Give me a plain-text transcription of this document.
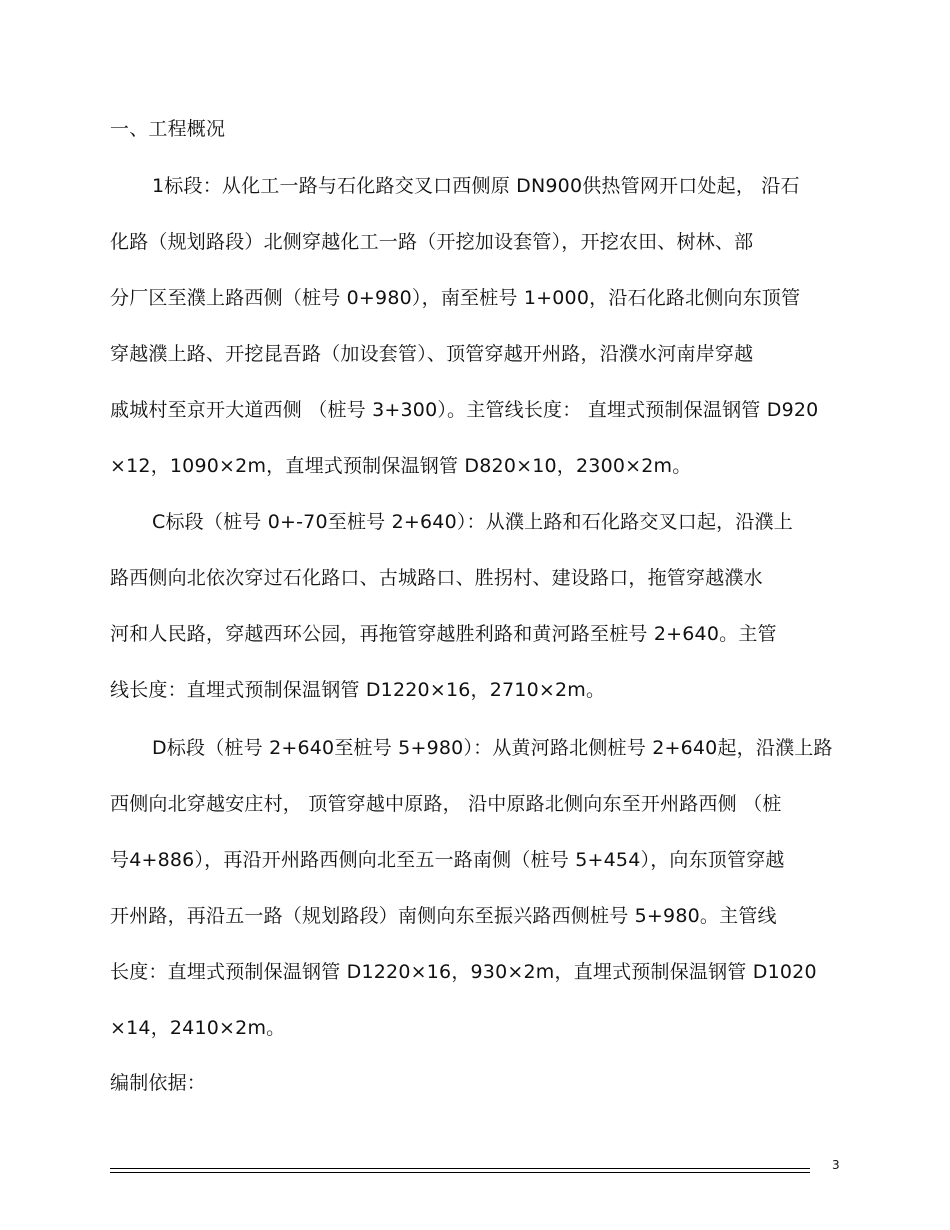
一、工程概况
1标段：从化工一路与石化路交叉口西侧原 DN900供热管网开口处起， 沿石
化路（规划路段）北侧穿越化工一路（开挖加设套管），开挖农田、树林、部
分厂区至濮上路西侧（桩号 0+980），南至桩号 1+000，沿石化路北侧向东顶管
穿越濮上路、开挖昆吾路（加设套管）、顶管穿越开州路，沿濮水河南岸穿越
戚城村至京开大道西侧 （桩号 3+300）。主管线长度： 直埋式预制保温钢管 D920
×12，1090×2m，直埋式预制保温钢管 D820×10，2300×2m。
C标段（桩号 0+-70至桩号 2+640）：从濮上路和石化路交叉口起，沿濮上
路西侧向北依次穿过石化路口、古城路口、胜拐村、建设路口，拖管穿越濮水
河和人民路，穿越西环公园，再拖管穿越胜利路和黄河路至桩号 2+640。主管
线长度：直埋式预制保温钢管 D1220×16，2710×2m。
D标段（桩号 2+640至桩号 5+980）：从黄河路北侧桩号 2+640起，沿濮上路
西侧向北穿越安庄村， 顶管穿越中原路， 沿中原路北侧向东至开州路西侧 （桩
号4+886），再沿开州路西侧向北至五一路南侧（桩号 5+454），向东顶管穿越
开州路，再沿五一路（规划路段）南侧向东至振兴路西侧桩号 5+980。主管线
长度：直埋式预制保温钢管 D1220×16，930×2m，直埋式预制保温钢管 D1020
×14，2410×2m。
编制依据：
3
